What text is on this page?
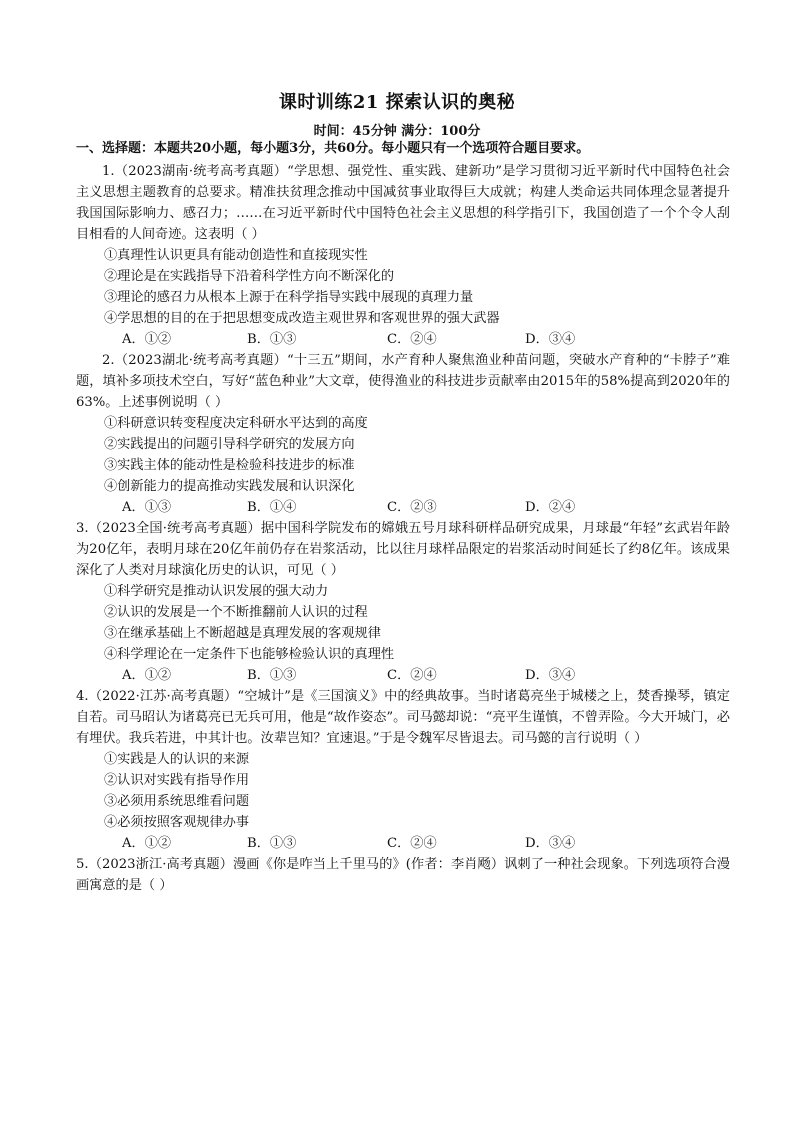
课时训练21 探索认识的奥秘
时间：45分钟 满分：100分
一、选择题：本题共20小题，每小题3分，共60分。每小题只有一个选项符合题目要求。
1.（2023湖南·统考高考真题）“学思想、强党性、重实践、建新功”是学习贯彻习近平新时代中国特色社会主义思想主题教育的总要求。精准扶贫理念推动中国减贫事业取得巨大成就；构建人类命运共同体理念显著提升我国国际影响力、感召力；……在习近平新时代中国特色社会主义思想的科学指引下，我国创造了一个个令人刮目相看的人间奇迹。这表明（ ）
①真理性认识更具有能动创造性和直接现实性
②理论是在实践指导下沿着科学性方向不断深化的
③理论的感召力从根本上源于在科学指导实践中展现的真理力量
④学思想的目的在于把思想变成改造主观世界和客观世界的强大武器
A．①②	B．①③	C．②④	D．③④
2.（2023湖北·统考高考真题）“十三五”期间，水产育种人聚焦渔业种苗问题，突破水产育种的“卡脖子”难题，填补多项技术空白，写好“蓝色种业”大文章，使得渔业的科技进步贡献率由2015年的58%提高到2020年的63%。上述事例说明（ ）
①科研意识转变程度决定科研水平达到的高度
②实践提出的问题引导科学研究的发展方向
③实践主体的能动性是检验科技进步的标准
④创新能力的提高推动实践发展和认识深化
A．①③	B．①④	C．②③	D．②④
3.（2023全国·统考高考真题）据中国科学院发布的嫦娥五号月球科研样品研究成果，月球最“年轻”玄武岩年龄为20亿年，表明月球在20亿年前仍存在岩浆活动，比以往月球样品限定的岩浆活动时间延长了约8亿年。该成果深化了人类对月球演化历史的认识，可见（ ）
①科学研究是推动认识发展的强大动力
②认识的发展是一个不断推翻前人认识的过程
③在继承基础上不断超越是真理发展的客观规律
④科学理论在一定条件下也能够检验认识的真理性
A．①②	B．①③	C．②④	D．③④
4.（2022·江苏·高考真题）“空城计”是《三国演义》中的经典故事。当时诸葛亮坐于城楼之上，焚香操琴，镇定自若。司马昭认为诸葛亮已无兵可用，他是“故作姿态”。司马懿却说：“亮平生谨慎，不曾弄险。今大开城门，必有埋伏。我兵若进，中其计也。汝辈岂知？宜速退。”于是令魏军尽皆退去。司马懿的言行说明（ ）
①实践是人的认识的来源
②认识对实践有指导作用
③必须用系统思维看问题
④必须按照客观规律办事
A．①②	B．①③	C．②④	D．③④
5.（2023浙江·高考真题）漫画《你是咋当上千里马的》(作者：李肖飏）讽刺了一种社会现象。下列选项符合漫画寓意的是（ ）
